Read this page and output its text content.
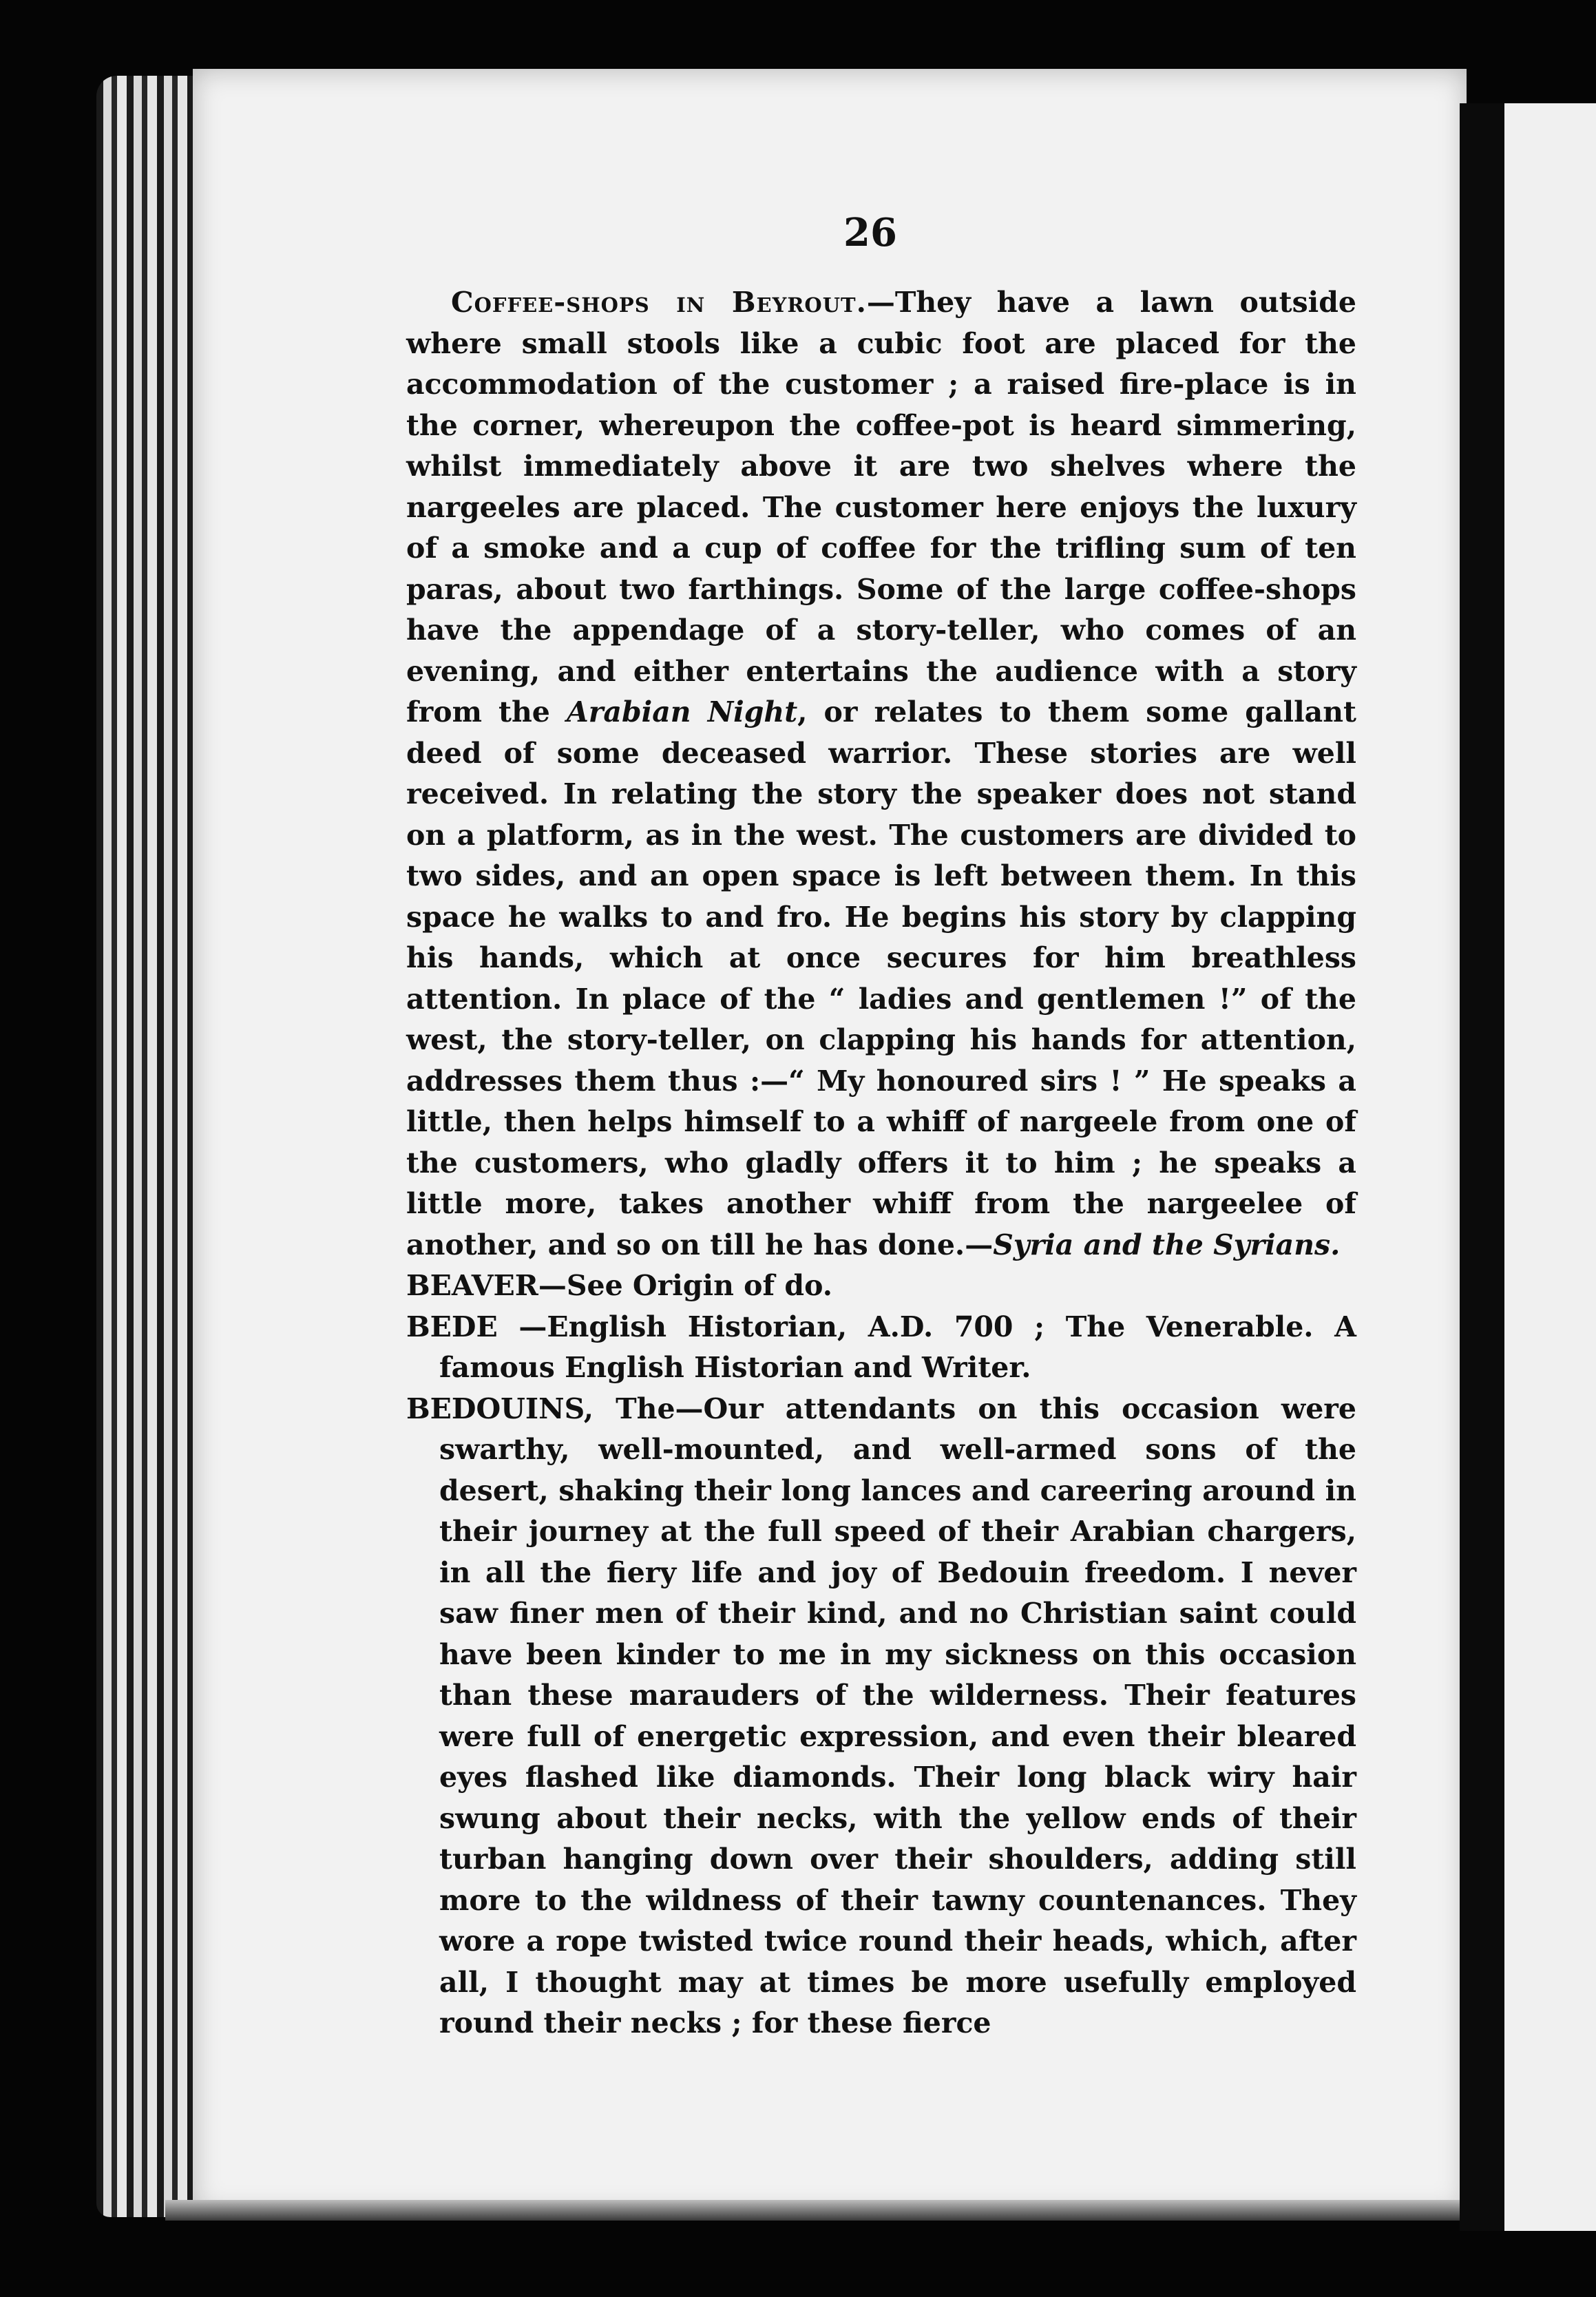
26

Coffee-shops in Beyrout.—They have a lawn outside where small stools like a cubic foot are placed for the accommodation of the customer ; a raised fire-place is in the corner, whereupon the coffee-pot is heard simmering, whilst immediately above it are two shelves where the nargeeles are placed. The customer here enjoys the luxury of a smoke and a cup of coffee for the trifling sum of ten paras, about two farthings. Some of the large coffee-shops have the appendage of a story-teller, who comes of an evening, and either entertains the audience with a story from the Arabian Night, or relates to them some gallant deed of some deceased warrior. These stories are well received. In relating the story the speaker does not stand on a platform, as in the west. The customers are divided to two sides, and an open space is left between them. In this space he walks to and fro. He begins his story by clapping his hands, which at once secures for him breathless attention. In place of the “ ladies and gentlemen !” of the west, the story-teller, on clapping his hands for attention, addresses them thus :—“ My honoured sirs ! ” He speaks a little, then helps himself to a whiff of nargeele from one of the customers, who gladly offers it to him ; he speaks a little more, takes another whiff from the nargeelee of another, and so on till he has done.—Syria and the Syrians.

BEAVER—See Origin of do.

BEDE —English Historian, A.D. 700 ; The Venerable. A famous English Historian and Writer.

BEDOUINS, The—Our attendants on this occasion were swarthy, well-mounted, and well-armed sons of the desert, shaking their long lances and careering around in their journey at the full speed of their Arabian chargers, in all the fiery life and joy of Bedouin freedom. I never saw finer men of their kind, and no Christian saint could have been kinder to me in my sickness on this occasion than these marauders of the wilderness. Their features were full of energetic expression, and even their bleared eyes flashed like diamonds. Their long black wiry hair swung about their necks, with the yellow ends of their turban hanging down over their shoulders, adding still more to the wildness of their tawny countenances. They wore a rope twisted twice round their heads, which, after all, I thought may at times be more usefully employed round their necks ; for these fierce
